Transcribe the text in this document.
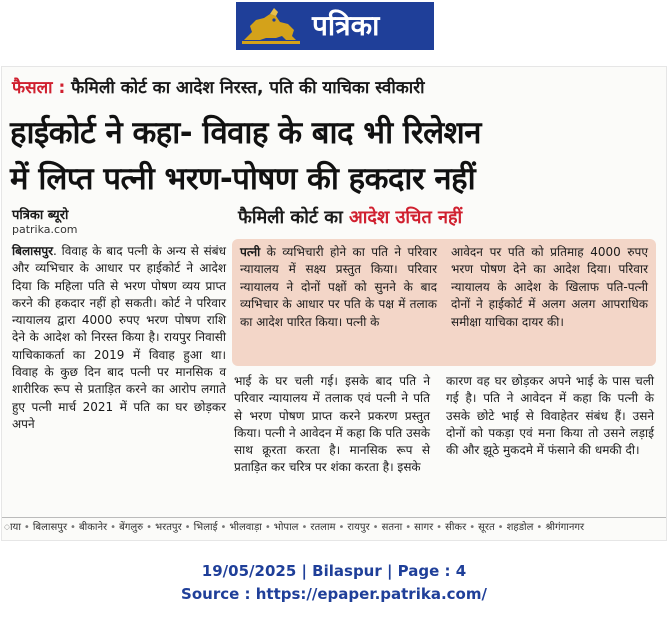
पत्रिका
फैसला : फैमिली कोर्ट का आदेश निरस्त, पति की याचिका स्वीकारी
हाईकोर्ट ने कहा- विवाह के बाद भी रिलेशन
में लिप्त पत्नी भरण-पोषण की हकदार नहीं
पत्रिका ब्यूरो
patrika.com
फैमिली कोर्ट का आदेश उचित नहीं
बिलासपुर. विवाह के बाद पत्नी के अन्य से संबंध और व्यभिचार के आधार पर हाईकोर्ट ने आदेश दिया कि महिला पति से भरण पोषण व्यय प्राप्त करने की हकदार नहीं हो सकती। कोर्ट ने परिवार न्यायालय द्वारा 4000 रुपए भरण पोषण राशि देने के आदेश को निरस्त किया है। रायपुर निवासी याचिकाकर्ता का 2019 में विवाह हुआ था। विवाह के कुछ दिन बाद पत्नी पर मानसिक व शारीरिक रूप से प्रताड़ित करने का आरोप लगाते हुए पत्नी मार्च 2021 में पति का घर छोड़कर अपने
पत्नी के व्यभिचारी होने का पति ने परिवार न्यायालय में सक्ष्य प्रस्तुत किया। परिवार न्यायालय ने दोनों पक्षों को सुनने के बाद व्यभिचार के आधार पर पति के पक्ष में तलाक का आदेश पारित किया। पत्नी के
आवेदन पर पति को प्रतिमाह 4000 रुपए भरण पोषण देने का आदेश दिया। परिवार न्यायालय के आदेश के खिलाफ पति-पत्नी दोनों ने हाईकोर्ट में अलग अलग आपराधिक समीक्षा याचिका दायर की।
भाई के घर चली गई। इसके बाद पति ने परिवार न्यायालय में तलाक एवं पत्नी ने पति से भरण पोषण प्राप्त करने प्रकरण प्रस्तुत किया। पत्नी ने आवेदन में कहा कि पति उसके साथ क्रूरता करता है। मानसिक रूप से प्रताड़ित कर चरित्र पर शंका करता है। इसके
कारण वह घर छोड़कर अपने भाई के पास चली गई है। पति ने आवेदन में कहा कि पत्नी के उसके छोटे भाई से विवाहेतर संबंध हैं। उसने दोनों को पकड़ा एवं मना किया तो उसने लड़ाई की और झूठे मुकदमे में फंसाने की धमकी दी।
ाया • बिलासपुर • बीकानेर • बेंगलुरु • भरतपुर • भिलाई • भीलवाड़ा • भोपाल • रतलाम • रायपुर • सतना • सागर • सीकर • सूरत • शहडोल • श्रीगंगानगर
19/05/2025 | Bilaspur | Page : 4
Source : https://epaper.patrika.com/
